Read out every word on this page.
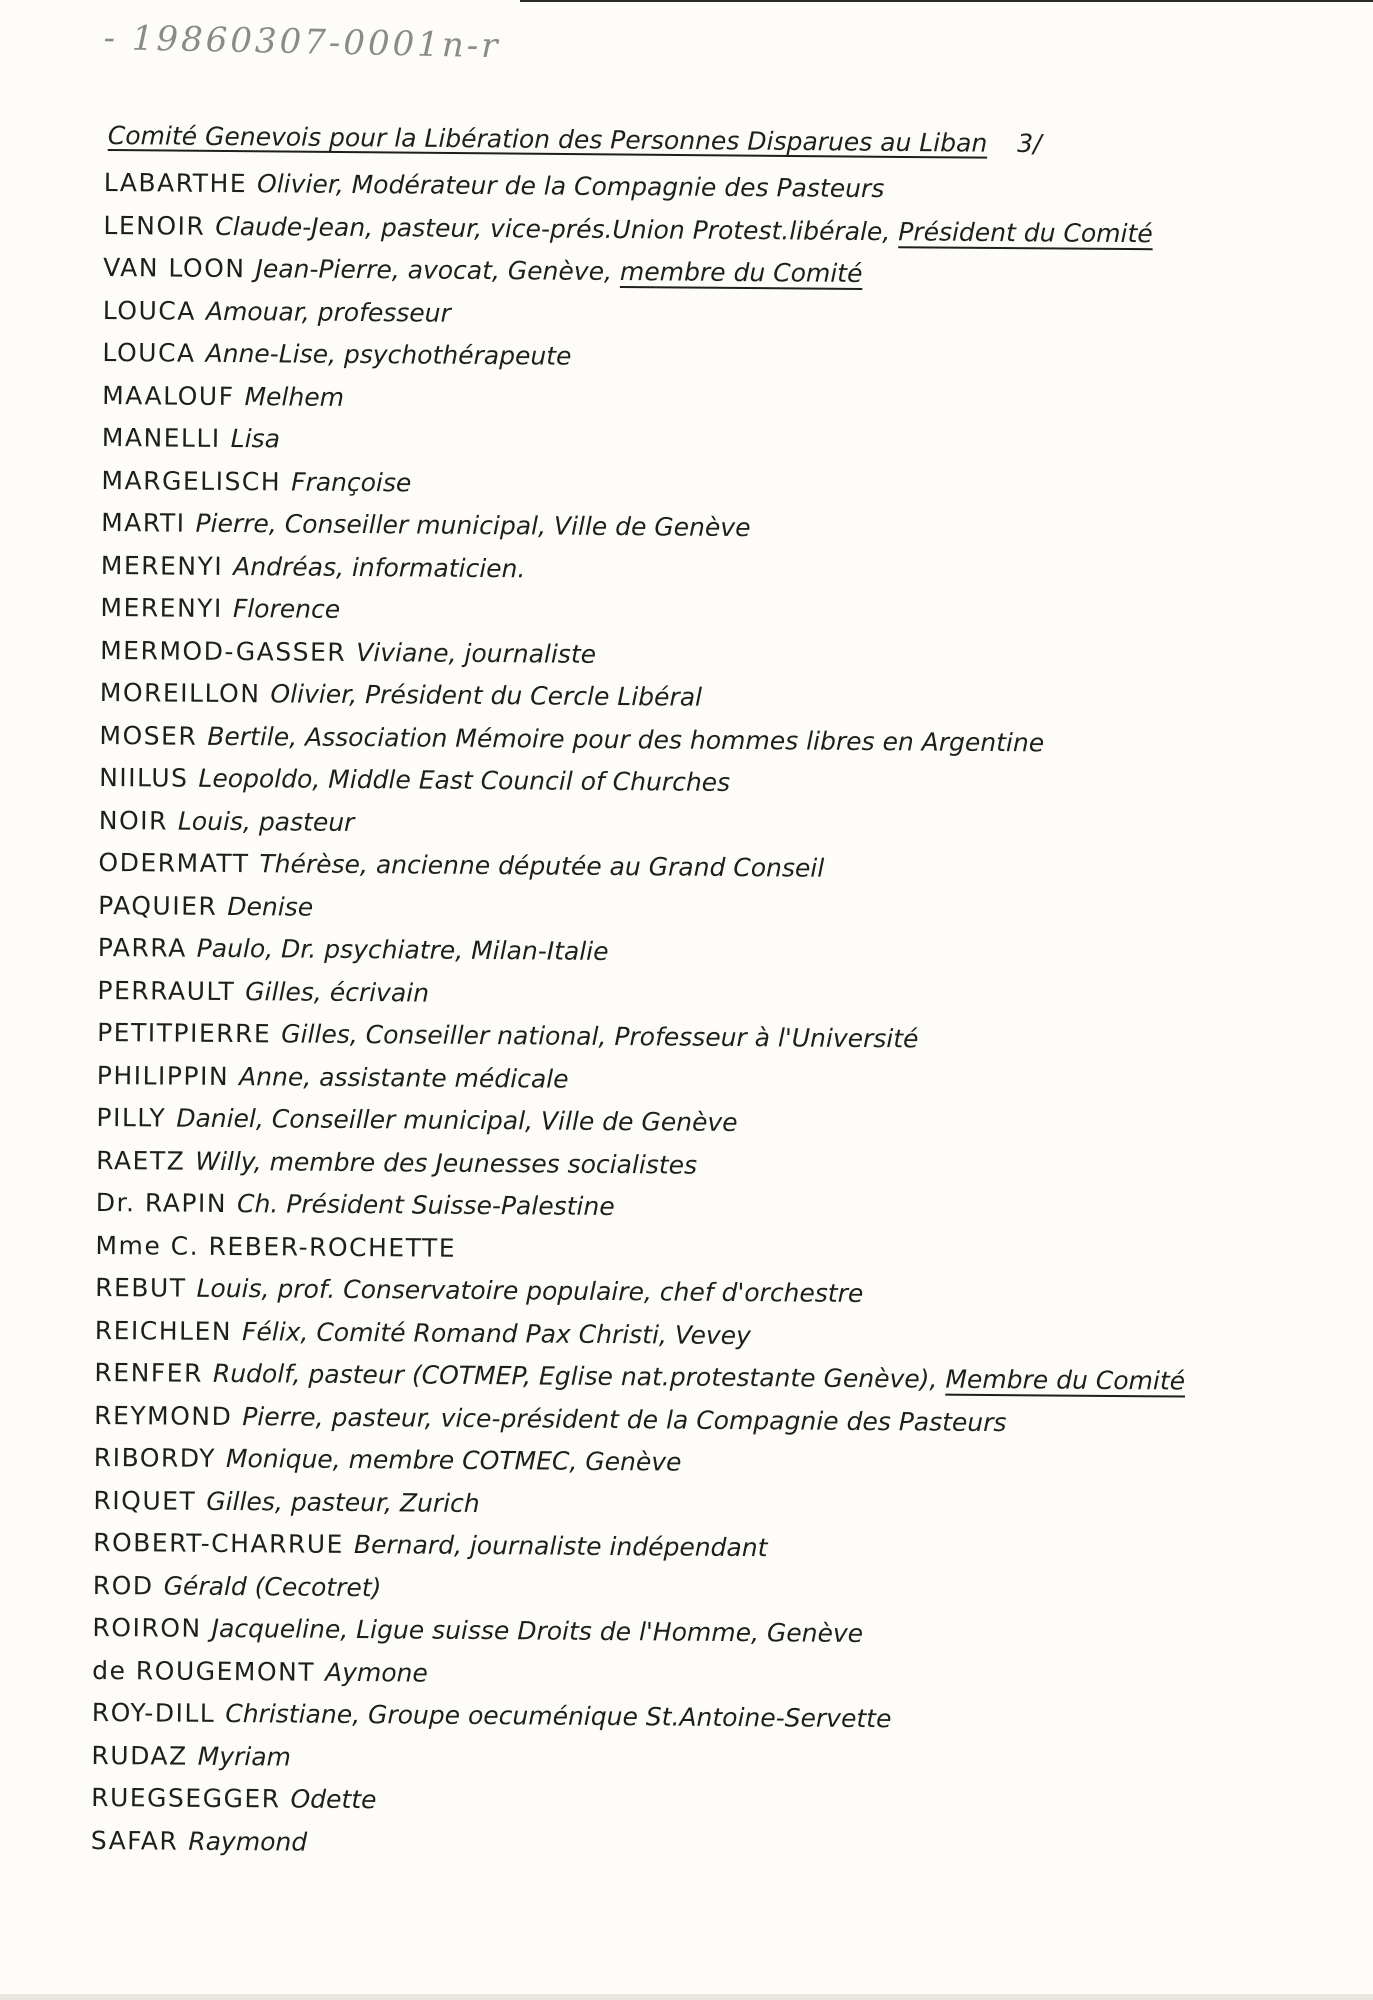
- 19860307-0001n-r
Comité Genevois pour la Libération des Personnes Disparues au Liban 3/
LABARTHE Olivier, Modérateur de la Compagnie des Pasteurs
LENOIR Claude-Jean, pasteur, vice-prés.Union Protest.libérale, Président du Comité
VAN LOON Jean-Pierre, avocat, Genève, membre du Comité
LOUCA Amouar, professeur
LOUCA Anne-Lise, psychothérapeute
MAALOUF Melhem
MANELLI Lisa
MARGELISCH Françoise
MARTI Pierre, Conseiller municipal, Ville de Genève
MERENYI Andréas, informaticien.
MERENYI Florence
MERMOD-GASSER Viviane, journaliste
MOREILLON Olivier, Président du Cercle Libéral
MOSER Bertile, Association Mémoire pour des hommes libres en Argentine
NIILUS Leopoldo, Middle East Council of Churches
NOIR Louis, pasteur
ODERMATT Thérèse, ancienne députée au Grand Conseil
PAQUIER Denise
PARRA Paulo, Dr. psychiatre, Milan-Italie
PERRAULT Gilles, écrivain
PETITPIERRE Gilles, Conseiller national, Professeur à l'Université
PHILIPPIN Anne, assistante médicale
PILLY Daniel, Conseiller municipal, Ville de Genève
RAETZ Willy, membre des Jeunesses socialistes
Dr. RAPIN Ch. Président Suisse-Palestine
Mme C. REBER-ROCHETTE
REBUT Louis, prof. Conservatoire populaire, chef d'orchestre
REICHLEN Félix, Comité Romand Pax Christi, Vevey
RENFER Rudolf, pasteur (COTMEP, Eglise nat.protestante Genève), Membre du Comité
REYMOND Pierre, pasteur, vice-président de la Compagnie des Pasteurs
RIBORDY Monique, membre COTMEC, Genève
RIQUET Gilles, pasteur, Zurich
ROBERT-CHARRUE Bernard, journaliste indépendant
ROD Gérald (Cecotret)
ROIRON Jacqueline, Ligue suisse Droits de l'Homme, Genève
de ROUGEMONT Aymone
ROY-DILL Christiane, Groupe oecuménique St.Antoine-Servette
RUDAZ Myriam
RUEGSEGGER Odette
SAFAR Raymond
